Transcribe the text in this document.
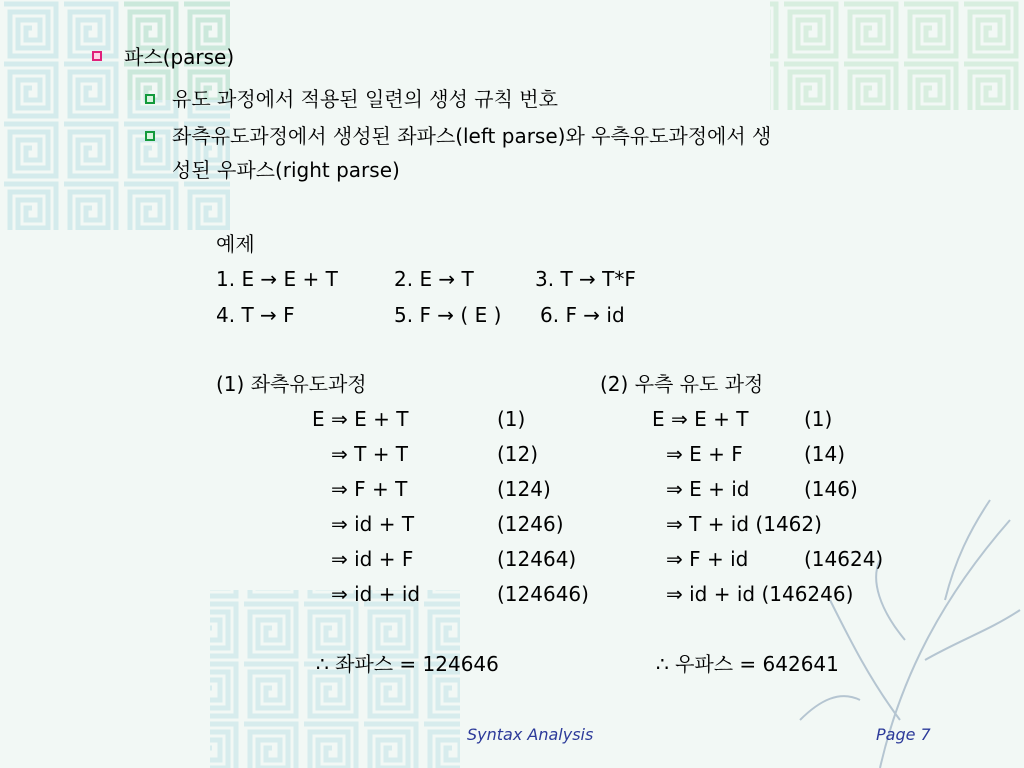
파스(parse)
유도 과정에서 적용된 일련의 생성 규칙 번호
좌측유도과정에서 생성된 좌파스(left parse)와 우측유도과정에서 생
성된 우파스(right parse)
예제
1. E → E + T	2. E → T	3. T → T*F
4. T → F	5. F → ( E ) 6. F → id
(1) 좌측유도과정	(2) 우측 유도 과정
E ⇒ E + T	(1)
⇒ T + T	(12)
⇒ F + T	(124)
⇒ id + T	(1246)
⇒ id + F	(12464)
⇒ id + id	(124646)
E ⇒ E + T	(1)
⇒ E + F	(14)
⇒ E + id	(146)
⇒ T + id (1462)
⇒ F + id	(14624)
⇒ id + id (146246)
∴ 좌파스 = 124646	∴ 우파스 = 642641
Syntax Analysis	Page 7
